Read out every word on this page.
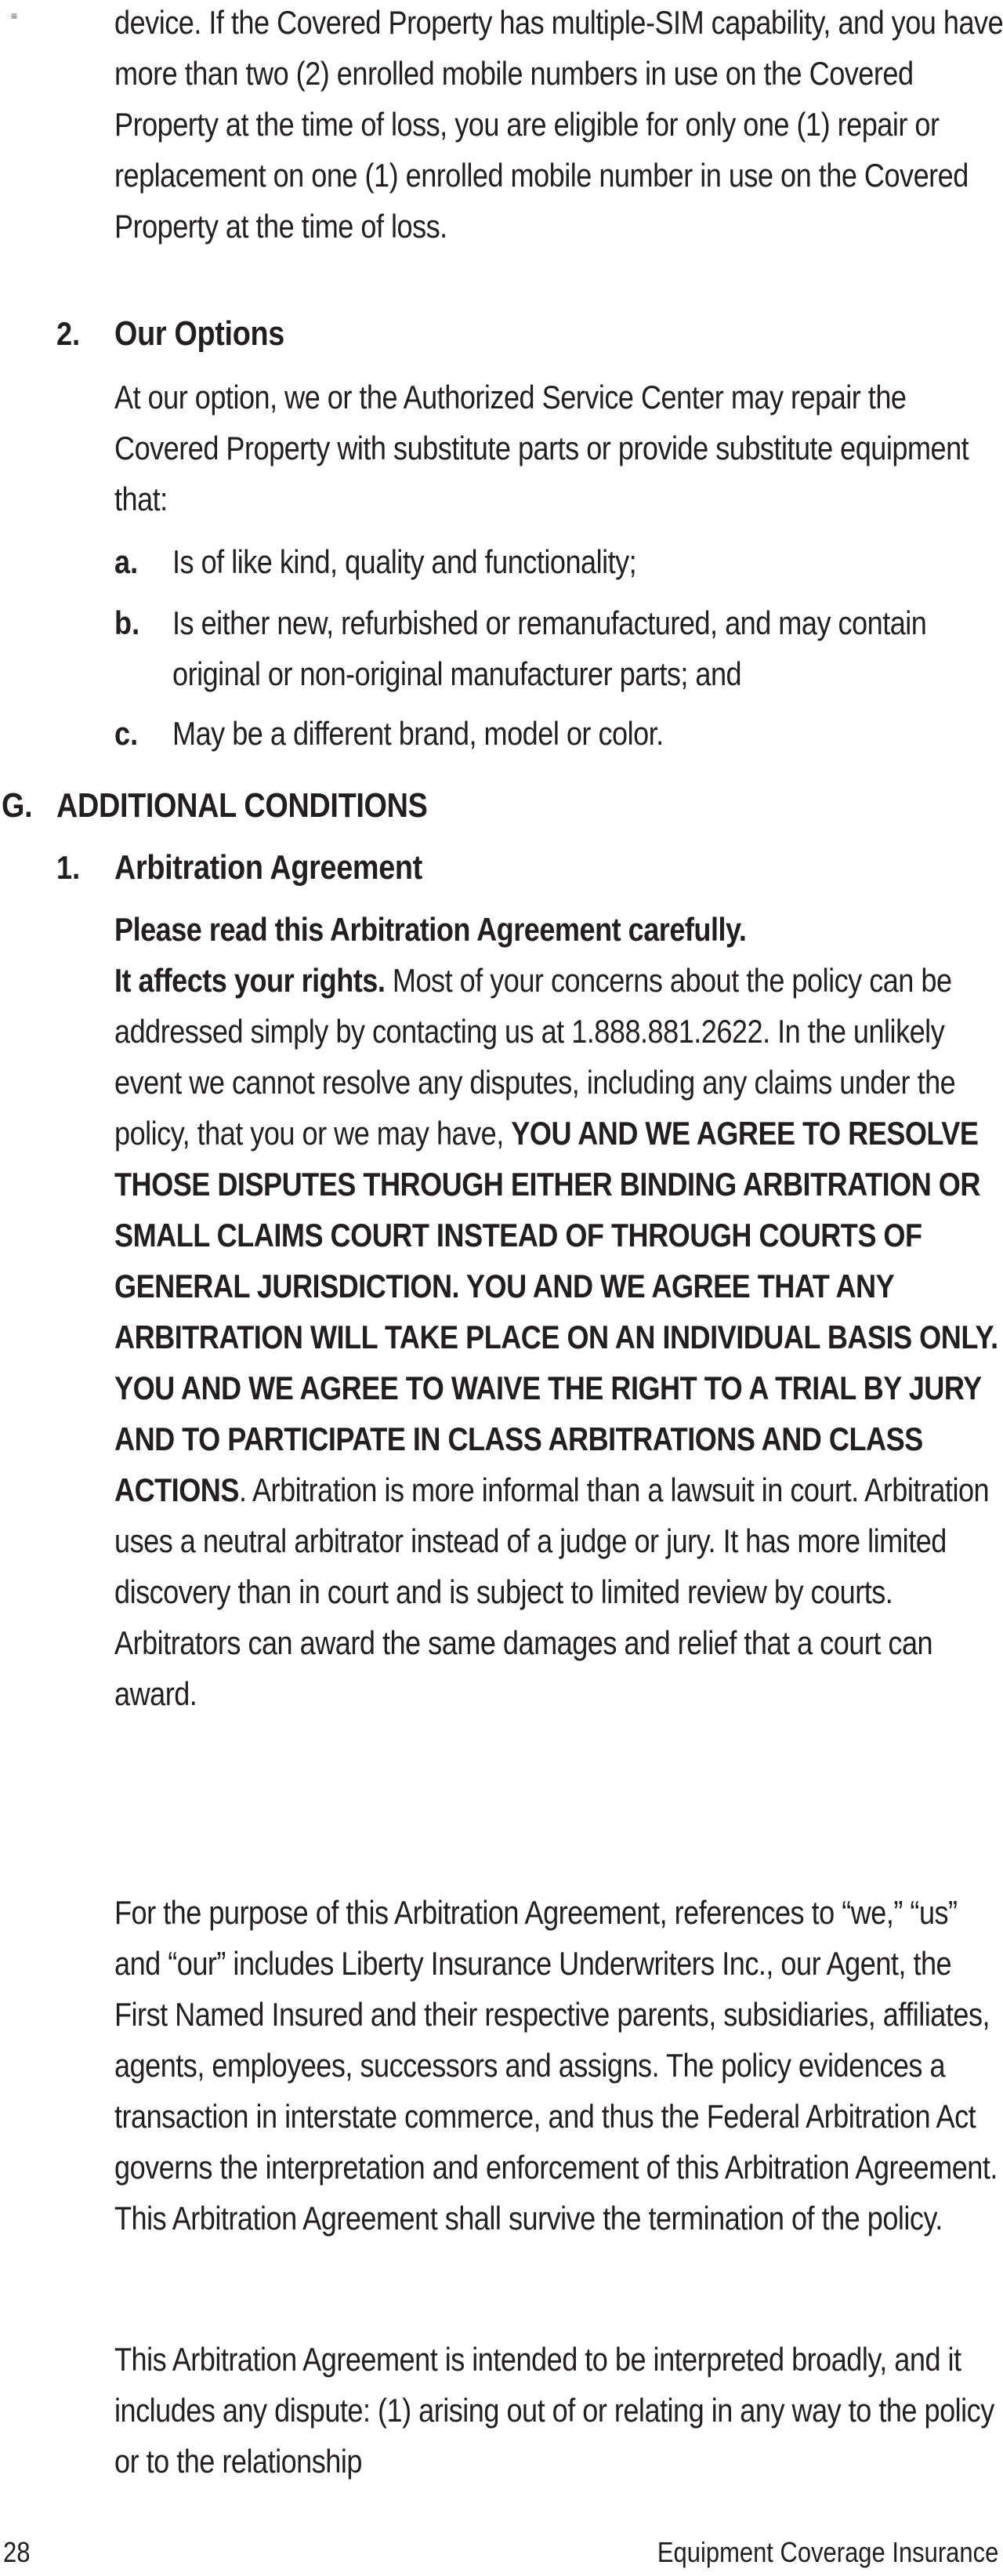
≡	device. If the Covered Property has multiple-SIM capability, and you have more than two (2) enrolled mobile numbers in use on the Covered Property at the time of loss, you are eligible for only one (1) repair or replacement on one (1) enrolled mobile number in use on the Covered Property at the time of loss.

2. Our Options

At our option, we or the Authorized Service Center may repair the Covered Property with substitute parts or provide substitute equipment that:

a. Is of like kind, quality and functionality;

b. Is either new, refurbished or remanufactured, and may contain original or non-original manufacturer parts; and

c. May be a different brand, model or color.

G. ADDITIONAL CONDITIONS
1. Arbitration Agreement
Please read this Arbitration Agreement carefully.
It affects your rights. Most of your concerns about the policy can be addressed simply by contacting us at 1.888.881.2622. In the unlikely event we cannot resolve any disputes, including any claims under the policy, that you or we may have, YOU AND WE AGREE TO RESOLVE THOSE DISPUTES THROUGH EITHER BINDING ARBITRATION OR SMALL CLAIMS COURT INSTEAD OF THROUGH COURTS OF GENERAL JURISDICTION. YOU AND WE AGREE THAT ANY ARBITRATION WILL TAKE PLACE ON AN INDIVIDUAL BASIS ONLY. YOU AND WE AGREE TO WAIVE THE RIGHT TO A TRIAL BY JURY AND TO PARTICIPATE IN CLASS ARBITRATIONS AND CLASS ACTIONS. Arbitration is more informal than a lawsuit in court. Arbitration uses a neutral arbitrator instead of a judge or jury. It has more limited discovery than in court and is subject to limited review by courts. Arbitrators can award the same damages and relief that a court can award.

For the purpose of this Arbitration Agreement, references to “we,” “us” and “our” includes Liberty Insurance Underwriters Inc., our Agent, the First Named Insured and their respective parents, subsidiaries, affiliates, agents, employees, successors and assigns. The policy evidences a transaction in interstate commerce, and thus the Federal Arbitration Act governs the interpretation and enforcement of this Arbitration Agreement. This Arbitration Agreement shall survive the termination of the policy.

This Arbitration Agreement is intended to be interpreted broadly, and it includes any dispute: (1) arising out of or relating in any way to the policy or to the relationship

28	Equipment Coverage Insurance
